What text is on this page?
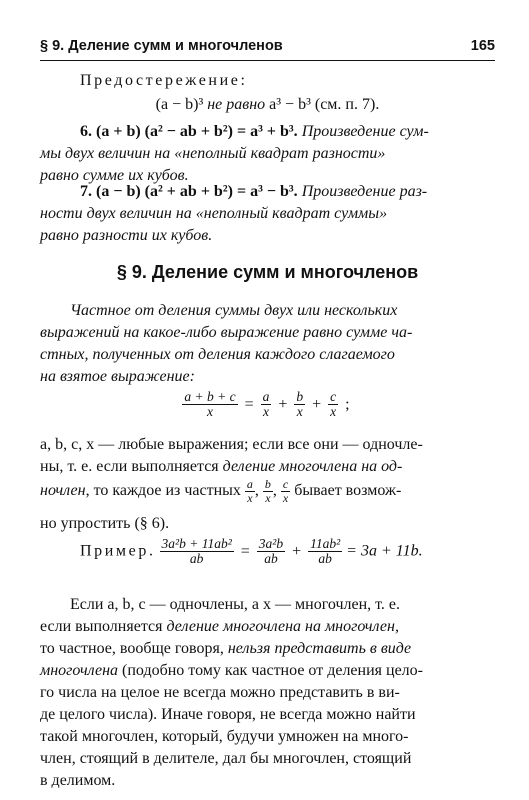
§ 9. Деление сумм и многочленов	165

Предостережение:

(a − b)³ не равно a³ − b³ (см. п. 7).

6. (a + b) (a² − ab + b²) = a³ + b³. Произведение сум-

мы двух величин на «неполный квадрат разности»

равно сумме их кубов.

7. (a − b) (a² + ab + b²) = a³ − b³. Произведение раз-

ности двух величин на «неполный квадрат суммы»

равно разности их кубов.

§ 9. Деление сумм и многочленов

Частное от деления суммы двух или нескольких

выражений на какое-либо выражение равно сумме ча-

стных, полученных от деления каждого слагаемого

на взятое выражение:

$\frac{a + b + c}{x} = \frac{a}{x} + \frac{b}{x} + \frac{c}{x}$ ;

a, b, c, x — любые выражения; если все они — одночле-

ны, т. е. если выполняется деление многочлена на од-

ночлен, то каждое из частных $\frac{a}{x}$ , $\frac{b}{x}$ , $\frac{c}{x}$ бывает возмож-

но упростить (§ 6).

Пример. $\frac{\text{3a²b + 11ab²}}{ab} = \frac{\text{3a²b}}{ab} + \frac{\text{11ab²}}{ab} = 3a + 11b$.

Если a, b, c — одночлены, а x — многочлен, т. е.

если выполняется деление многочлена на многочлен,

то частное, вообще говоря, нельзя представить в виде

многочлена (подобно тому как частное от деления цело-

го числа на целое не всегда можно представить в ви-

де целого числа). Иначе говоря, не всегда можно найти

такой многочлен, который, будучи умножен на много-

член, стоящий в делителе, дал бы многочлен, стоящий

в делимом.
